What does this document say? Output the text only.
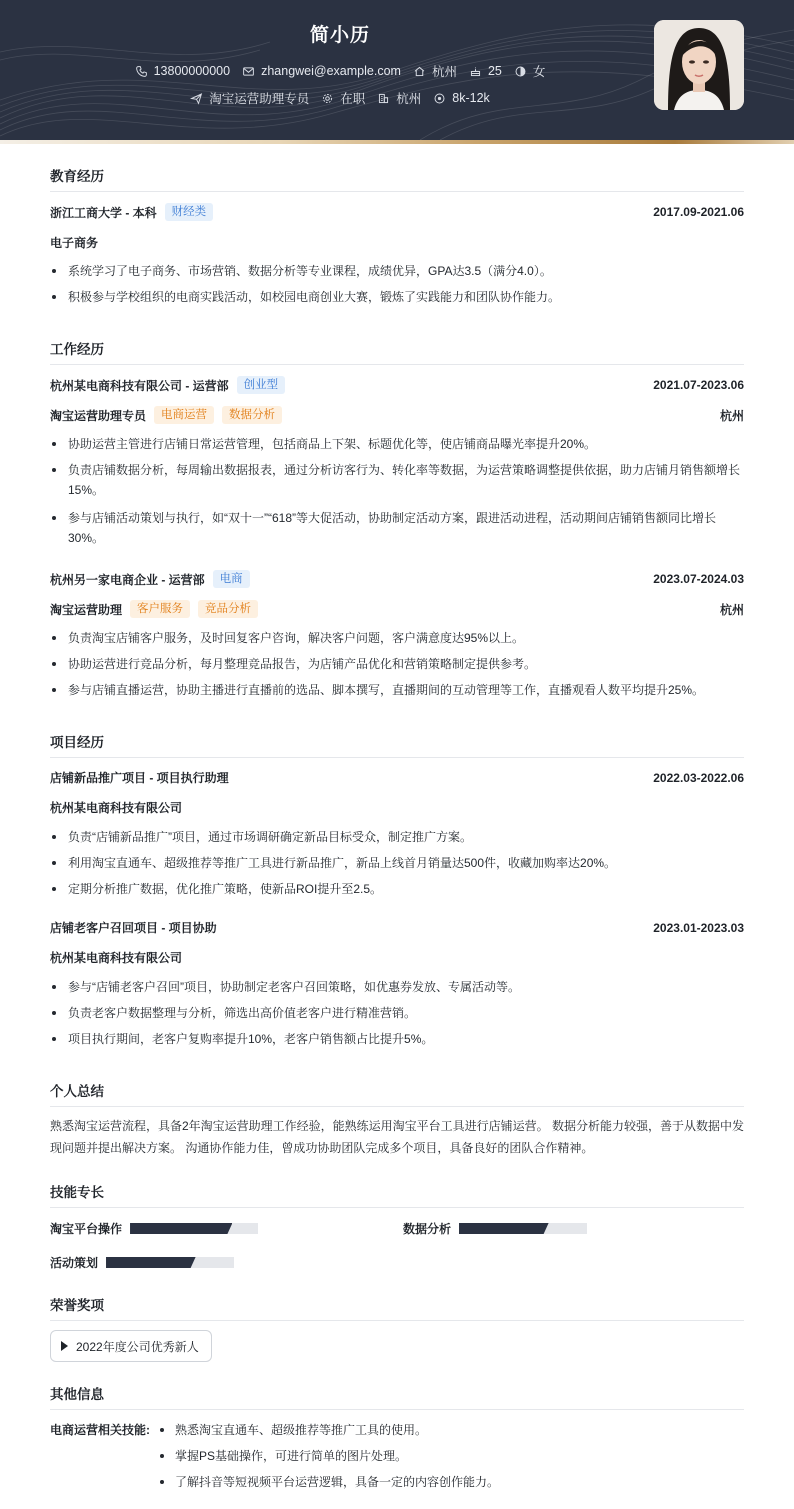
简小历
13800000000 zhangwei@example.com 杭州 25 女
淘宝运营助理专员 在职 杭州 8k-12k
教育经历
浙江工商大学 - 本科	财经类	2017.09-2021.06
电子商务
系统学习了电子商务、市场营销、数据分析等专业课程，成绩优异，GPA达3.5（满分4.0）。
积极参与学校组织的电商实践活动，如校园电商创业大赛，锻炼了实践能力和团队协作能力。
工作经历
杭州某电商科技有限公司 - 运营部	创业型	2021.07-2023.06
淘宝运营助理专员	电商运营	数据分析	杭州
协助运营主管进行店铺日常运营管理，包括商品上下架、标题优化等，使店铺商品曝光率提升20%。
负责店铺数据分析，每周输出数据报表，通过分析访客行为、转化率等数据，为运营策略调整提供依据，助力店铺月销售额增长15%。
参与店铺活动策划与执行，如“双十一”“618”等大促活动，协助制定活动方案，跟进活动进程，活动期间店铺销售额同比增长30%。
杭州另一家电商企业 - 运营部	电商	2023.07-2024.03
淘宝运营助理	客户服务	竞品分析	杭州
负责淘宝店铺客户服务，及时回复客户咨询，解决客户问题，客户满意度达95%以上。
协助运营进行竞品分析，每月整理竞品报告，为店铺产品优化和营销策略制定提供参考。
参与店铺直播运营，协助主播进行直播前的选品、脚本撰写，直播期间的互动管理等工作，直播观看人数平均提升25%。
项目经历
店铺新品推广项目 - 项目执行助理	2022.03-2022.06
杭州某电商科技有限公司
负责“店铺新品推广”项目，通过市场调研确定新品目标受众，制定推广方案。
利用淘宝直通车、超级推荐等推广工具进行新品推广，新品上线首月销量达500件，收藏加购率达20%。
定期分析推广数据，优化推广策略，使新品ROI提升至2.5。
店铺老客户召回项目 - 项目协助	2023.01-2023.03
杭州某电商科技有限公司
参与“店铺老客户召回”项目，协助制定老客户召回策略，如优惠券发放、专属活动等。
负责老客户数据整理与分析，筛选出高价值老客户进行精准营销。
项目执行期间，老客户复购率提升10%，老客户销售额占比提升5%。
个人总结
熟悉淘宝运营流程，具备2年淘宝运营助理工作经验，能熟练运用淘宝平台工具进行店铺运营。 数据分析能力较强，善于从数据中发现问题并提出解决方案。 沟通协作能力佳，曾成功协助团队完成多个项目，具备良好的团队合作精神。
技能专长
淘宝平台操作	数据分析
活动策划
荣誉奖项
2022年度公司优秀新人
其他信息
电商运营相关技能:	熟悉淘宝直通车、超级推荐等推广工具的使用。
掌握PS基础操作，可进行简单的图片处理。
了解抖音等短视频平台运营逻辑，具备一定的内容创作能力。
